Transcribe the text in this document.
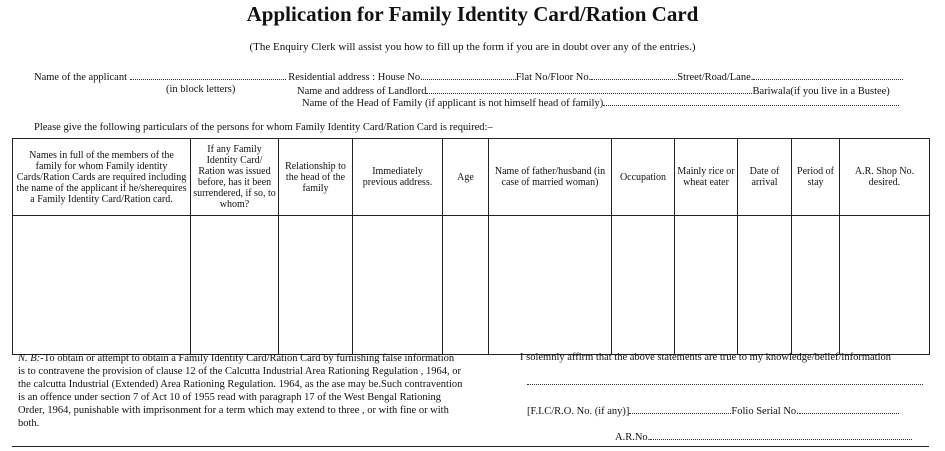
Application for Family Identity Card/Ration Card
(The Enquiry Clerk will assist you how to fill up the form if you are in doubt over any of the entries.)
Name of the applicant	Residential address : House No.	Flat No/Floor No.	Street/Road/Lane.
(in block letters)	Name and address of Landlord	Bariwala(if you live in a Bustee)
Name of the Head of Family (if applicant is not himself head of family)
Please give the following particulars of the persons for whom Family Identity Card/Ration Card is required:–
Names in full of the members of the family for whom Family identity Cards/Ration Cards are required including the name of the applicant if he/sherequires a Family Identity Card/Ration card.	If any Family Identity Card/ Ration was issued before, has it been surrendered, if so, to whom?	Relationship to the head of the family	Immediately previous address.	Age	Name of father/husband (in case of married woman)	Occupation	Mainly rice or wheat eater	Date of arrival	Period of stay	A.R. Shop No. desired.

N. B:-To obtain or attempt to obtain a Family Identity Card/Ration Card by furnishing false information is to contravene the provision of clause 12 of the Calcutta Industrial Area Rationing Regulation , 1964, or the calcutta Industrial (Extended) Area Rationing Regulation. 1964, as the ase may be.Such contravention is an offence under section 7 of Act 10 of 1955 read with paragraph 17 of the West Bengal Rationing Order, 1964, punishable with imprisonment for a term which may extend to three , or with fine or with both.
I solemnly affirm that the above statements are true to my knowledge/belief/information
[F.I.C/R.O. No. (if any)]	Folio Serial No.
A.R.No.
